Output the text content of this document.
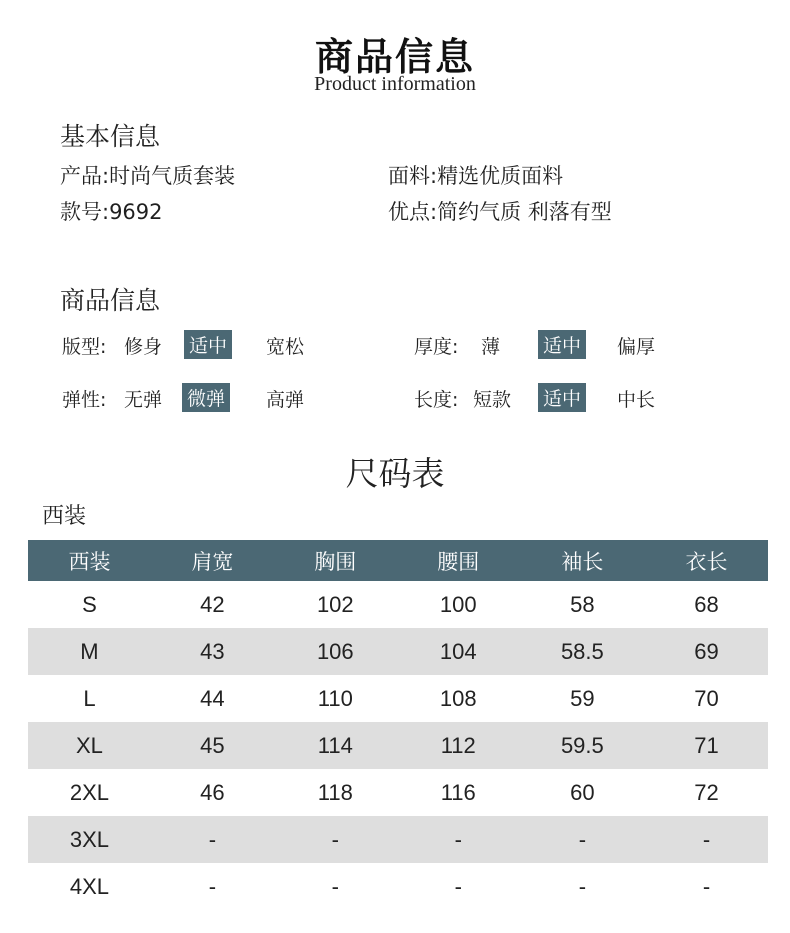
商品信息
Product information
基本信息
产品:时尚气质套装	面料:精选优质面料
款号:9692	优点:简约气质 利落有型
商品信息
版型: 修身 适中 宽松	厚度: 薄 适中 偏厚
弹性: 无弹 微弹 高弹	长度: 短款 适中 中长
尺码表
西装
西装	肩宽	胸围	腰围	袖长	衣长
S	42	102	100	58	68
M	43	106	104	58.5	69
L	44	110	108	59	70
XL	45	114	112	59.5	71
2XL	46	118	116	60	72
3XL	-	-	-	-	-
4XL	-	-	-	-	-
